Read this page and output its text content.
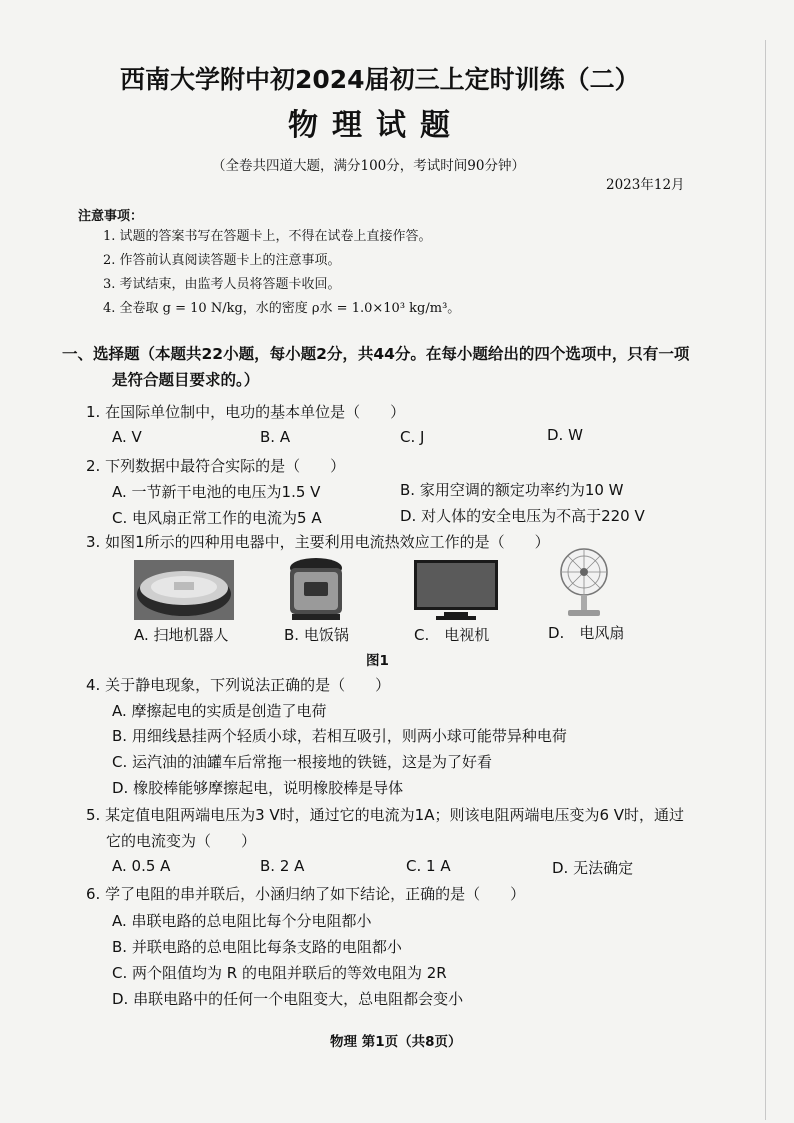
西南大学附中初2024届初三上定时训练（二）
物理试题
（全卷共四道大题，满分100分，考试时间90分钟）
2023年12月
注意事项：
1. 试题的答案书写在答题卡上，不得在试卷上直接作答。
2. 作答前认真阅读答题卡上的注意事项。
3. 考试结束，由监考人员将答题卡收回。
4. 全卷取 g = 10 N/kg，水的密度 ρ水 = 1.0×10³ kg/m³。
一、选择题（本题共22小题，每小题2分，共44分。在每小题给出的四个选项中，只有一项
是符合题目要求的。）
1. 在国际单位制中，电功的基本单位是（　　）
A. V	B. A	C. J	D. W
2. 下列数据中最符合实际的是（　　）
A. 一节新干电池的电压为1.5 V	B. 家用空调的额定功率约为10 W
C. 电风扇正常工作的电流为5 A	D. 对人体的安全电压为不高于220 V
3. 如图1所示的四种用电器中，主要利用电流热效应工作的是（　　）
A. 扫地机器人	B. 电饭锅	C.　电视机	D.　电风扇
图1
4. 关于静电现象，下列说法正确的是（　　）
A. 摩擦起电的实质是创造了电荷
B. 用细线悬挂两个轻质小球，若相互吸引，则两小球可能带异种电荷
C. 运汽油的油罐车后常拖一根接地的铁链，这是为了好看
D. 橡胶棒能够摩擦起电，说明橡胶棒是导体
5. 某定值电阻两端电压为3 V时，通过它的电流为1A；则该电阻两端电压变为6 V时，通过
它的电流变为（　　）
A. 0.5 A	B. 2 A	C. 1 A	D. 无法确定
6. 学了电阻的串并联后，小涵归纳了如下结论，正确的是（　　）
A. 串联电路的总电阻比每个分电阻都小
B. 并联电路的总电阻比每条支路的电阻都小
C. 两个阻值均为 R 的电阻并联后的等效电阻为 2R
D. 串联电路中的任何一个电阻变大，总电阻都会变小
物理 第1页（共8页）
